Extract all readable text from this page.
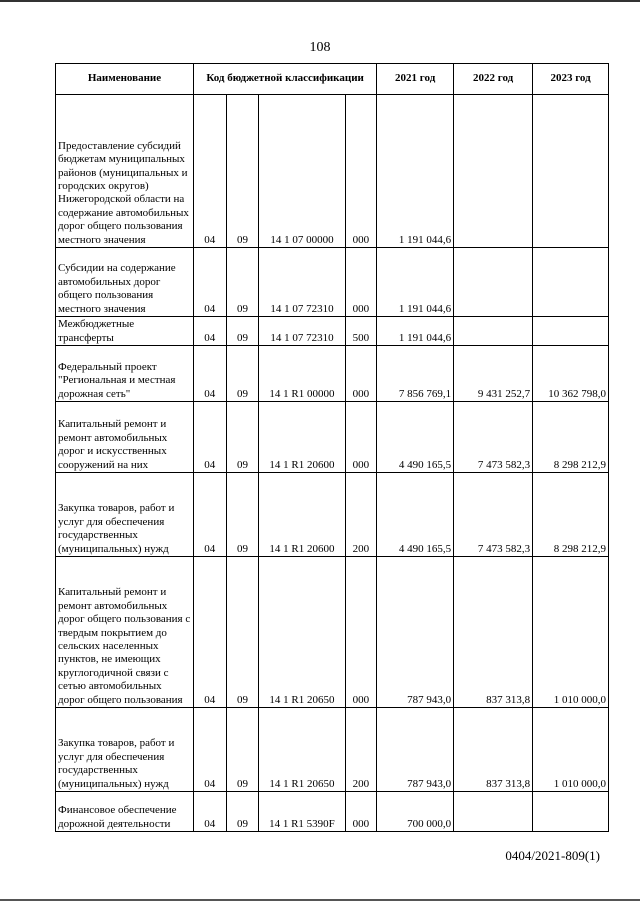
108
Наименование	Код бюджетной классификации				2021 год	2022 год	2023 год
Предоставление субсидий бюджетам муниципальных районов (муниципальных и городских округов) Нижегородской области на содержание автомобильных дорог общего пользования местного значения	04	09	14 1 07 00000	000	1 191 044,6		
Субсидии на содержание автомобильных дорог общего пользования местного значения	04	09	14 1 07 72310	000	1 191 044,6		
Межбюджетные трансферты	04	09	14 1 07 72310	500	1 191 044,6		
Федеральный проект "Региональная и местная дорожная сеть"	04	09	14 1 R1 00000	000	7 856 769,1	9 431 252,7	10 362 798,0
Капитальный ремонт и ремонт автомобильных дорог и искусственных сооружений на них	04	09	14 1 R1 20600	000	4 490 165,5	7 473 582,3	8 298 212,9
Закупка товаров, работ и услуг для обеспечения государственных (муниципальных) нужд	04	09	14 1 R1 20600	200	4 490 165,5	7 473 582,3	8 298 212,9
Капитальный ремонт и ремонт автомобильных дорог общего пользования с твердым покрытием до сельских населенных пунктов, не имеющих круглогодичной связи с сетью автомобильных дорог общего пользования	04	09	14 1 R1 20650	000	787 943,0	837 313,8	1 010 000,0
Закупка товаров, работ и услуг для обеспечения государственных (муниципальных) нужд	04	09	14 1 R1 20650	200	787 943,0	837 313,8	1 010 000,0
Финансовое обеспечение дорожной деятельности	04	09	14 1 R1 5390F	000	700 000,0		
0404/2021-809(1)
